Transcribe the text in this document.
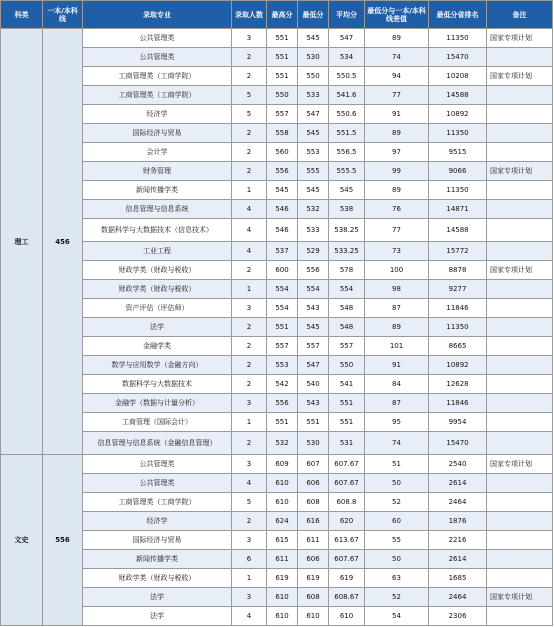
科类	一本/本科线	录取专业	录取人数	最高分	最低分	平均分	最低分与一本/本科线差值	最低分省排名	备注
理工	456	公共管理类	3	551	545	547	89	11350	国家专项计划
		公共管理类	2	551	530	534	74	15470	
		工商管理类（工商学院）	2	551	550	550.5	94	10208	国家专项计划
		工商管理类（工商学院）	5	550	533	541.6	77	14588	
		经济学	5	557	547	550.6	91	10892	
		国际经济与贸易	2	558	545	551.5	89	11350	
		会计学	2	560	553	556.5	97	9515	
		财务管理	2	556	555	555.5	99	9066	国家专项计划
		新闻传播学类	1	545	545	545	89	11350	
		信息管理与信息系统	4	546	532	538	76	14871	
		数据科学与大数据技术（信息技术）	4	546	533	538.25	77	14588	
		工业工程	4	537	529	533.25	73	15772	
		财政学类（财政与税收）	2	600	556	578	100	8878	国家专项计划
		财政学类（财政与税收）	1	554	554	554	98	9277	
		资产评估（评估师）	3	554	543	548	87	11846	
		法学	2	551	545	548	89	11350	
		金融学类	2	557	557	557	101	8665	
		数学与应用数学（金融方向）	2	553	547	550	91	10892	
		数据科学与大数据技术	2	542	540	541	84	12628	
		金融学（数据与计量分析）	3	556	543	551	87	11846	
		工商管理（国际会计）	1	551	551	551	95	9954	
		信息管理与信息系统（金融信息管理）	2	532	530	531	74	15470	
文史	556	公共管理类	3	609	607	607.67	51	2540	国家专项计划
		公共管理类	4	610	606	607.67	50	2614	
		工商管理类（工商学院）	5	610	608	608.8	52	2464	
		经济学	2	624	616	620	60	1876	
		国际经济与贸易	3	615	611	613.67	55	2216	
		新闻传播学类	6	611	606	607.67	50	2614	
		财政学类（财政与税收）	1	619	619	619	63	1685	
		法学	3	610	608	608.67	52	2464	国家专项计划
		法学	4	610	610	610	54	2306	
